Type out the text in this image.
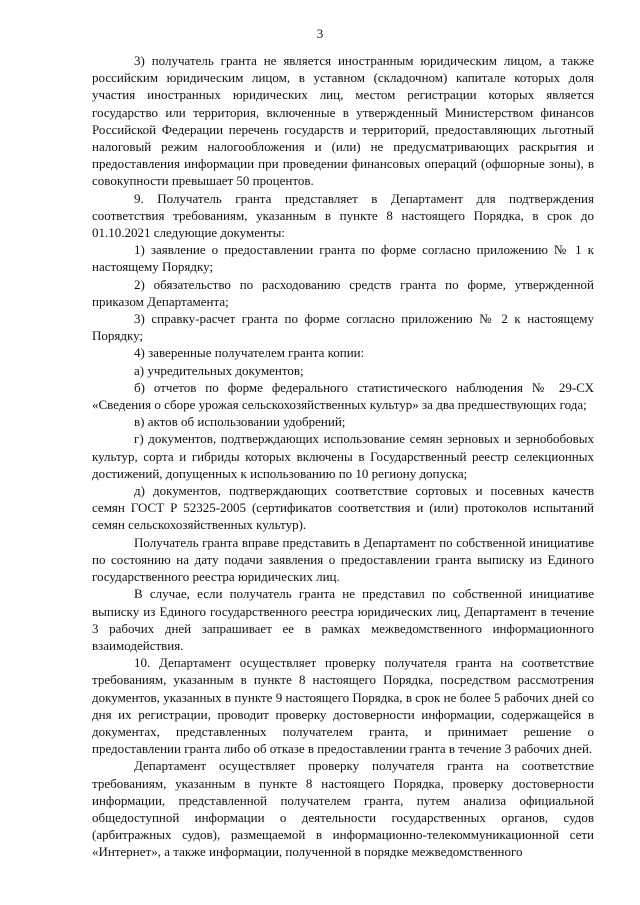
3

3) получатель гранта не является иностранным юридическим лицом, а также российским юридическим лицом, в уставном (складочном) капитале которых доля участия иностранных юридических лиц, местом регистрации которых является государство или территория, включенные в утвержденный Министерством финансов Российской Федерации перечень государств и территорий, предоставляющих льготный налоговый режим налогообложения и (или) не предусматривающих раскрытия и предоставления информации при проведении финансовых операций (офшорные зоны), в совокупности превышает 50 процентов.

9. Получатель гранта представляет в Департамент для подтверждения соответствия требованиям, указанным в пункте 8 настоящего Порядка, в срок до 01.10.2021 следующие документы:

1) заявление о предоставлении гранта по форме согласно приложению № 1 к настоящему Порядку;

2) обязательство по расходованию средств гранта по форме, утвержденной приказом Департамента;

3) справку-расчет гранта по форме согласно приложению № 2 к настоящему Порядку;

4) заверенные получателем гранта копии:

а) учредительных документов;

б) отчетов по форме федерального статистического наблюдения № 29-СХ «Сведения о сборе урожая сельскохозяйственных культур» за два предшествующих года;

в) актов об использовании удобрений;

г) документов, подтверждающих использование семян зерновых и зернобобовых культур, сорта и гибриды которых включены в Государственный реестр селекционных достижений, допущенных к использованию по 10 региону допуска;

д) документов, подтверждающих соответствие сортовых и посевных качеств семян ГОСТ Р 52325-2005 (сертификатов соответствия и (или) протоколов испытаний семян сельскохозяйственных культур).

Получатель гранта вправе представить в Департамент по собственной инициативе по состоянию на дату подачи заявления о предоставлении гранта выписку из Единого государственного реестра юридических лиц.

В случае, если получатель гранта не представил по собственной инициативе выписку из Единого государственного реестра юридических лиц, Департамент в течение 3 рабочих дней запрашивает ее в рамках межведомственного информационного взаимодействия.

10. Департамент осуществляет проверку получателя гранта на соответствие требованиям, указанным в пункте 8 настоящего Порядка, посредством рассмотрения документов, указанных в пункте 9 настоящего Порядка, в срок не более 5 рабочих дней со дня их регистрации, проводит проверку достоверности информации, содержащейся в документах, представленных получателем гранта, и принимает решение о предоставлении гранта либо об отказе в предоставлении гранта в течение 3 рабочих дней.

Департамент осуществляет проверку получателя гранта на соответствие требованиям, указанным в пункте 8 настоящего Порядка, проверку достоверности информации, представленной получателем гранта, путем анализа официальной общедоступной информации о деятельности государственных органов, судов (арбитражных судов), размещаемой в информационно-телекоммуникационной сети «Интернет», а также информации, полученной в порядке межведомственного
